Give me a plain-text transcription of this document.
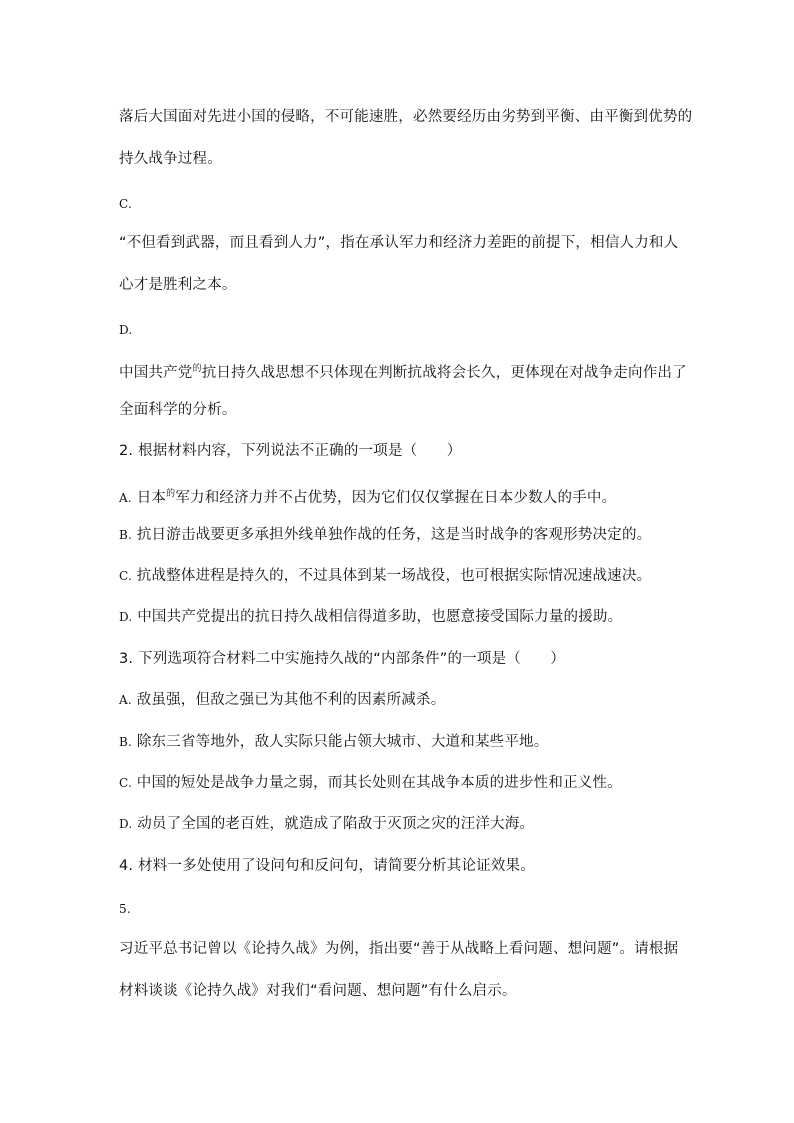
落后大国面对先进小国的侵略，不可能速胜，必然要经历由劣势到平衡、由平衡到优势的

持久战争过程。

C.

“不但看到武器，而且看到人力”，指在承认军力和经济力差距的前提下，相信人力和人

心才是胜利之本。

D.

中国共产党$^的$抗日持久战思想不只体现在判断抗战将会长久，更体现在对战争走向作出了

全面科学的分析。

2. 根据材料内容，下列说法不正确的一项是（　　）

A. 日本$^的$军力和经济力并不占优势，因为它们仅仅掌握在日本少数人的手中。

B. 抗日游击战要更多承担外线单独作战的任务，这是当时战争的客观形势决定的。

C. 抗战整体进程是持久的，不过具体到某一场战役，也可根据实际情况速战速决。

D. 中国共产党提出的抗日持久战相信得道多助，也愿意接受国际力量的援助。

3. 下列选项符合材料二中实施持久战的“内部条件”的一项是（　　）

A. 敌虽强，但敌之强已为其他不利的因素所减杀。

B. 除东三省等地外，敌人实际只能占领大城市、大道和某些平地。

C. 中国的短处是战争力量之弱，而其长处则在其战争本质的进步性和正义性。

D. 动员了全国的老百姓，就造成了陷敌于灭顶之灾的汪洋大海。

4. 材料一多处使用了设问句和反问句，请简要分析其论证效果。

5.

习近平总书记曾以《论持久战》为例，指出要“善于从战略上看问题、想问题”。请根据

材料谈谈《论持久战》对我们“看问题、想问题”有什么启示。
